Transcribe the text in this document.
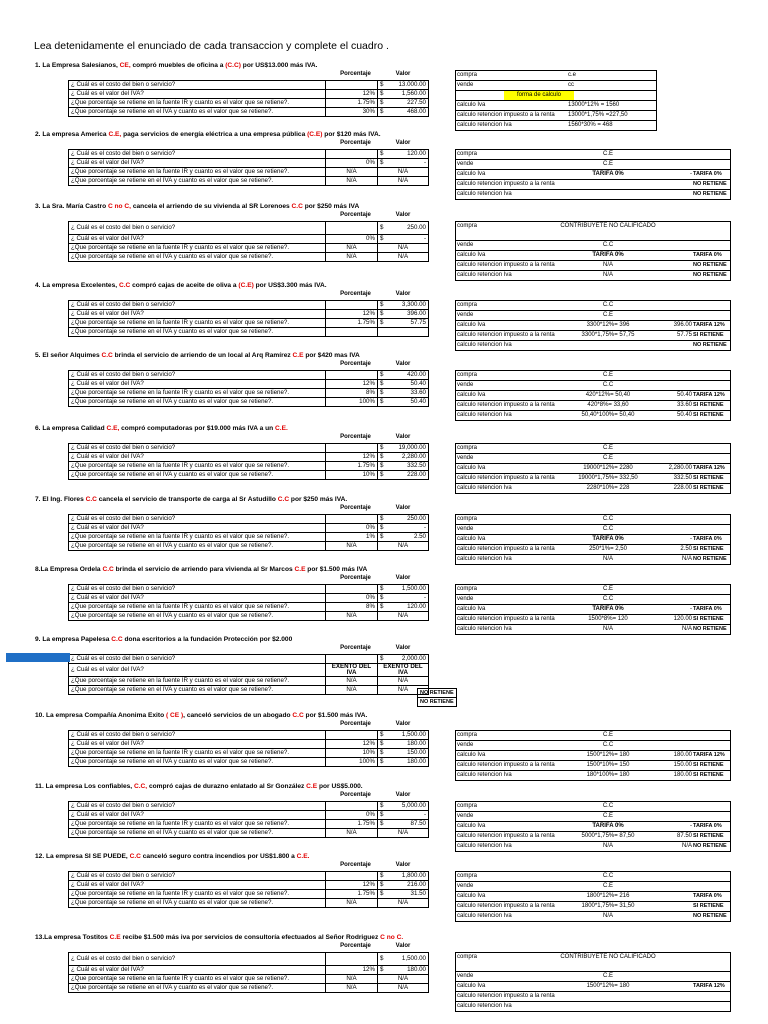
Lea detenidamente el enunciado de cada transaccion y complete el cuadro .
1. La Empresa Salesianos, CE, compró muebles de oficina a (C.C) por US$13.000 más IVA.
Porcentaje	Valor
¿ Cuál es el costo del bien o servicio?		$ 13.000.00

¿ Cuál es el valor del IVA?	12%	$ 1,560.00

¿Que porcentaje se retiene en la fuente IR y cuanto es el valor que se retiene?.	1.75%	$ 227.50

¿Que porcentaje se retiene en el IVA y cuanto es el valor que se retiene?.	30%	$ 468.00
compra	c.e
vende	cc
forma de calculo
calculo Iva	13000*12% = 1560
calculo retencion impuesto a la renta 13000*1,75% =227,50
calculo retencion Iva	1560*30% = 468
2. La empresa America C.E, paga servicios de energía eléctrica a una empresa pública (C.E) por $120 más IVA.
Porcentaje	Valor
¿ Cuál es el costo del bien o servicio?		$ 120.00

¿ Cuál es el valor del IVA?	0%	$ -

¿Que porcentaje se retiene en la fuente IR y cuanto es el valor que se retiene?.	N/A	N/A
¿Que porcentaje se retiene en el IVA y cuanto es el valor que se retiene?.	N/A	N/A
compra	C.E
vende	C.E
calculo Iva	TARIFA 0%	- TARIFA 0%
calculo retencion impuesto a la renta	NO RETIENE
calculo retencion Iva	NO RETIENE
3. La Sra. María Castro C no C, cancela el arriendo de su vivienda al SR Lorenoes C.C por $250 más IVA
Porcentaje	Valor
¿ Cuál es el costo del bien o servicio?		$ 250.00

¿ Cuál es el valor del IVA?	0%	$ -

¿Que porcentaje se retiene en la fuente IR y cuanto es el valor que se retiene?.	N/A	N/A
¿Que porcentaje se retiene en el IVA y cuanto es el valor que se retiene?.	N/A	N/A
compra	CONTRIBUYETE NO CALIFICADO
vende	C.C
calculo Iva	TARIFA 0%	TARIFA 0%
calculo retencion impuesto a la renta	N/A	NO RETIENE
calculo retencion Iva	N/A	NO RETIENE
4. La empresa Excelentes, C.C compró cajas de aceite de oliva a (C.E) por US$3.300 más IVA.
Porcentaje	Valor
¿ Cuál es el costo del bien o servicio?		$ 3,300.00

¿ Cuál es el valor del IVA?	12%	$ 396.00

¿Que porcentaje se retiene en la fuente IR y cuanto es el valor que se retiene?.	1.75%	$ 57.75

¿Que porcentaje se retiene en el IVA y cuanto es el valor que se retiene?.		
compra	C.C
vende	C.E
calculo Iva	3300*12%= 396	396.00 TARIFA 12%
calculo retencion impuesto a la renta	3300*1,75%= 57,75	57.75 SI RETIENE
calculo retencion Iva	NO RETIENE
5. El señor Alquimes C.C brinda el servicio de arriendo de un local al Arq Ramírez C.E por $420 mas IVA
Porcentaje	Valor
¿ Cuál es el costo del bien o servicio?		$ 420.00

¿ Cuál es el valor del IVA?	12%	$ 50.40

¿Que porcentaje se retiene en la fuente IR y cuanto es el valor que se retiene?.	8%	$ 33.60

¿Que porcentaje se retiene en el IVA y cuanto es el valor que se retiene?.	100%	$ 50.40
compra	C.E
vende	C.C
calculo Iva	420*12%= 50,40	50.40 TARIFA 12%
calculo retencion impuesto a la renta	420*8%= 33,60	33.60 SI RETIENE
calculo retencion Iva	50,40*100%= 50,40	50.40 SI RETIENE
6. La empresa Calidad C.E, compró computadoras por $19.000 más IVA a un C.E.
Porcentaje	Valor
¿ Cuál es el costo del bien o servicio?		$ 19,000.00

¿ Cuál es el valor del IVA?	12%	$ 2,280.00

¿Que porcentaje se retiene en la fuente IR y cuanto es el valor que se retiene?.	1.75%	$ 332.50

¿Que porcentaje se retiene en el IVA y cuanto es el valor que se retiene?.	10%	$ 228.00
compra	C.E
vende	C.E
calculo Iva	19000*12%= 2280	2,280.00 TARIFA 12%
calculo retencion impuesto a la renta	19000*1,75%= 332,50	332.50 SI RETIENE
calculo retencion Iva	2280*10%= 228	228.00 SI RETIENE
7. El Ing. Flores C.C cancela el servicio de transporte de carga al Sr Astudillo C.C por $250 más IVA.
Porcentaje	Valor
¿ Cuál es el costo del bien o servicio?		$ 250.00

¿ Cuál es el valor del IVA?	0%	$ -

¿Que porcentaje se retiene en la fuente IR y cuanto es el valor que se retiene?.	1%	$ 2.50

¿Que porcentaje se retiene en el IVA y cuanto es el valor que se retiene?.	N/A	N/A
compra	C.C
vende	C.C
calculo Iva	TARIFA 0%	- TARIFA 0%
calculo retencion impuesto a la renta	250*1%= 2,50	2.50 SI RETIENE
calculo retencion Iva	N/A	N/A NO RETIENE
8.La Empresa Ordela C.C brinda el servicio de arriendo para vivienda al Sr Marcos C.E por $1.500 más IVA
Porcentaje	Valor
¿ Cuál es el costo del bien o servicio?		$ 1,500.00

¿ Cuál es el valor del IVA?	0%	$ -

¿Que porcentaje se retiene en la fuente IR y cuanto es el valor que se retiene?.	8%	$ 120.00

¿Que porcentaje se retiene en el IVA y cuanto es el valor que se retiene?.	N/A	N/A
compra	C.E
vende	C.C
calculo Iva	TARIFA 0%	- TARIFA 0%
calculo retencion impuesto a la renta	1500*8%= 120	120.00 SI RETIENE
calculo retencion Iva	N/A	N/A NO RETIENE
9. La empresa Papelesa C.C dona escritorios a la fundación Protección por $2.000
Porcentaje	Valor
¿ Cuál es el costo del bien o servicio?		$ 2,000.00

¿ Cuál es el valor del IVA?	EXENTO DEL IVA	EXENTO DEL IVA
¿Que porcentaje se retiene en la fuente IR y cuanto es el valor que se retiene?.	N/A	N/A
¿Que porcentaje se retiene en el IVA y cuanto es el valor que se retiene?.	N/A	N/A	NO RETIENE
NO RETIENE
10. La empresa Compañía Anonima Exito ( CE ), canceló servicios de un abogado C.C por $1.500 más IVA.
Porcentaje	Valor
¿ Cuál es el costo del bien o servicio?		$ 1,500.00

¿ Cuál es el valor del IVA?	12%	$ 180.00

¿Que porcentaje se retiene en la fuente IR y cuanto es el valor que se retiene?.	10%	$ 150.00

¿Que porcentaje se retiene en el IVA y cuanto es el valor que se retiene?.	100%	$ 180.00
compra	C.E
vende	C.C
calculo Iva	1500*12%= 180	180.00 TARIFA 12%
calculo retencion impuesto a la renta	1500*10%= 150	150.00 SI RETIENE
calculo retencion Iva	180*100%= 180	180.00 SI RETIENE
11. La empresa Los confiables, C.C, compró cajas de durazno enlatado al Sr González C.E por US$5.000.
Porcentaje	Valor
¿ Cuál es el costo del bien o servicio?		$ 5,000.00

¿ Cuál es el valor del IVA?	0%	$ -

¿Que porcentaje se retiene en la fuente IR y cuanto es el valor que se retiene?.	1.75%	$ 87.50

¿Que porcentaje se retiene en el IVA y cuanto es el valor que se retiene?.	N/A	N/A
compra	C.C
vende	C.E
calculo Iva	TARIFA 0%	- TARIFA 0%
calculo retencion impuesto a la renta	5000*1,75%= 87,50	87.50 SI RETIENE
calculo retencion Iva	N/A	N/A NO RETIENE
12. La empresa SI SE PUEDE, C.C canceló seguro contra incendios por US$1.800 a C.E.
Porcentaje	Valor
¿ Cuál es el costo del bien o servicio?		$ 1,800.00

¿ Cuál es el valor del IVA?	12%	$ 216.00

¿Que porcentaje se retiene en la fuente IR y cuanto es el valor que se retiene?.	1.75%	$ 31.50

¿Que porcentaje se retiene en el IVA y cuanto es el valor que se retiene?.	N/A	N/A
compra	C.C
vende	C.E
calculo Iva	1800*12%= 216	TARIFA 0%
calculo retencion impuesto a la renta	1800*1,75%= 31,50	SI RETIENE
calculo retencion Iva	N/A	NO RETIENE
13.La empresa Tostitos C.E recibe $1.500 más iva por servicios de consultoría efectuados al Señor Rodriguez C no C.
Porcentaje	Valor
¿ Cuál es el costo del bien o servicio?		$ 1,500.00

¿ Cuál es el valor del IVA?	12%	$ 180.00

¿Que porcentaje se retiene en la fuente IR y cuanto es el valor que se retiene?.	N/A	N/A
¿Que porcentaje se retiene en el IVA y cuanto es el valor que se retiene?.	N/A	N/A
compra	CONTRIBUYETE NO CALIFICADO
vende	C.E
calculo Iva	1500*12%= 180	TARIFA 12%
calculo retencion impuesto a la renta
calculo retencion Iva
